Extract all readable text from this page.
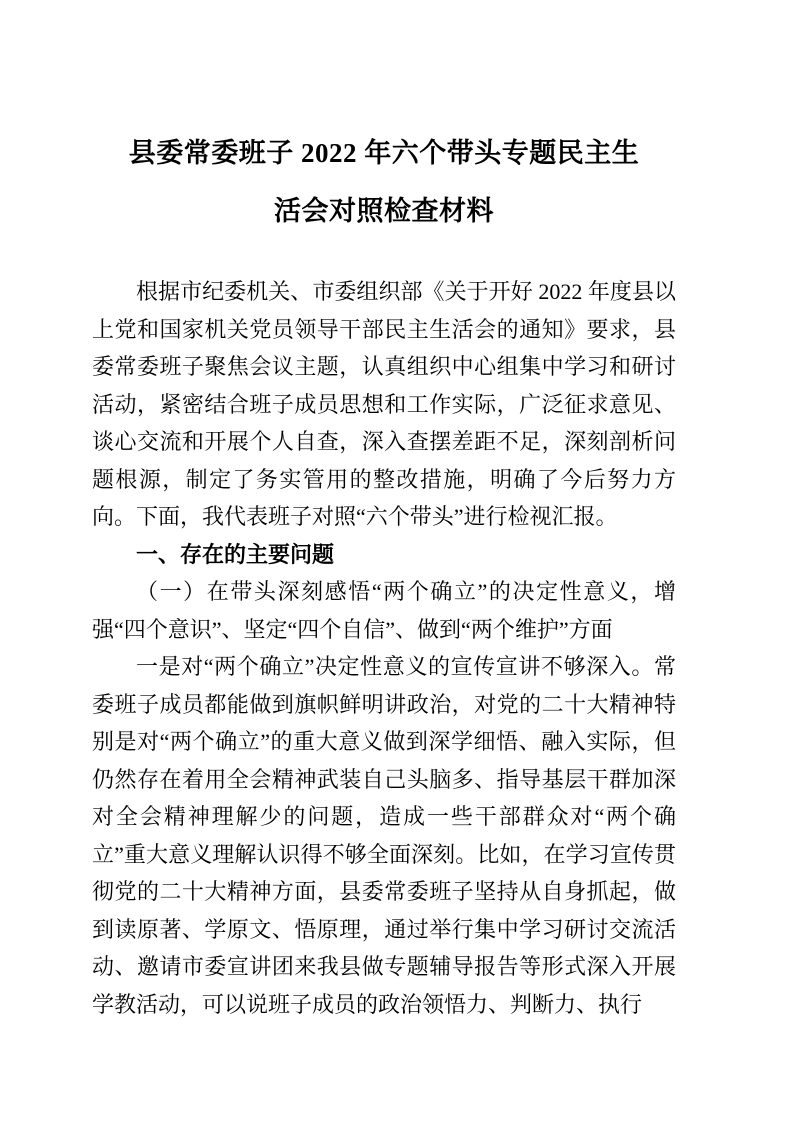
县委常委班子 2022 年六个带头专题民主生
活会对照检查材料

根据市纪委机关、市委组织部《关于开好 2022 年度县以上党和国家机关党员领导干部民主生活会的通知》要求，县委常委班子聚焦会议主题，认真组织中心组集中学习和研讨活动，紧密结合班子成员思想和工作实际，广泛征求意见、谈心交流和开展个人自查，深入查摆差距不足，深刻剖析问题根源，制定了务实管用的整改措施，明确了今后努力方向。下面，我代表班子对照“六个带头”进行检视汇报。

一、存在的主要问题

（一）在带头深刻感悟“两个确立”的决定性意义，增强“四个意识”、坚定“四个自信”、做到“两个维护”方面

一是对“两个确立”决定性意义的宣传宣讲不够深入。常委班子成员都能做到旗帜鲜明讲政治，对党的二十大精神特别是对“两个确立”的重大意义做到深学细悟、融入实际，但仍然存在着用全会精神武装自己头脑多、指导基层干群加深对全会精神理解少的问题，造成一些干部群众对“两个确立”重大意义理解认识得不够全面深刻。比如，在学习宣传贯彻党的二十大精神方面，县委常委班子坚持从自身抓起，做到读原著、学原文、悟原理，通过举行集中学习研讨交流活动、邀请市委宣讲团来我县做专题辅导报告等形式深入开展学教活动，可以说班子成员的政治领悟力、判断力、执行
